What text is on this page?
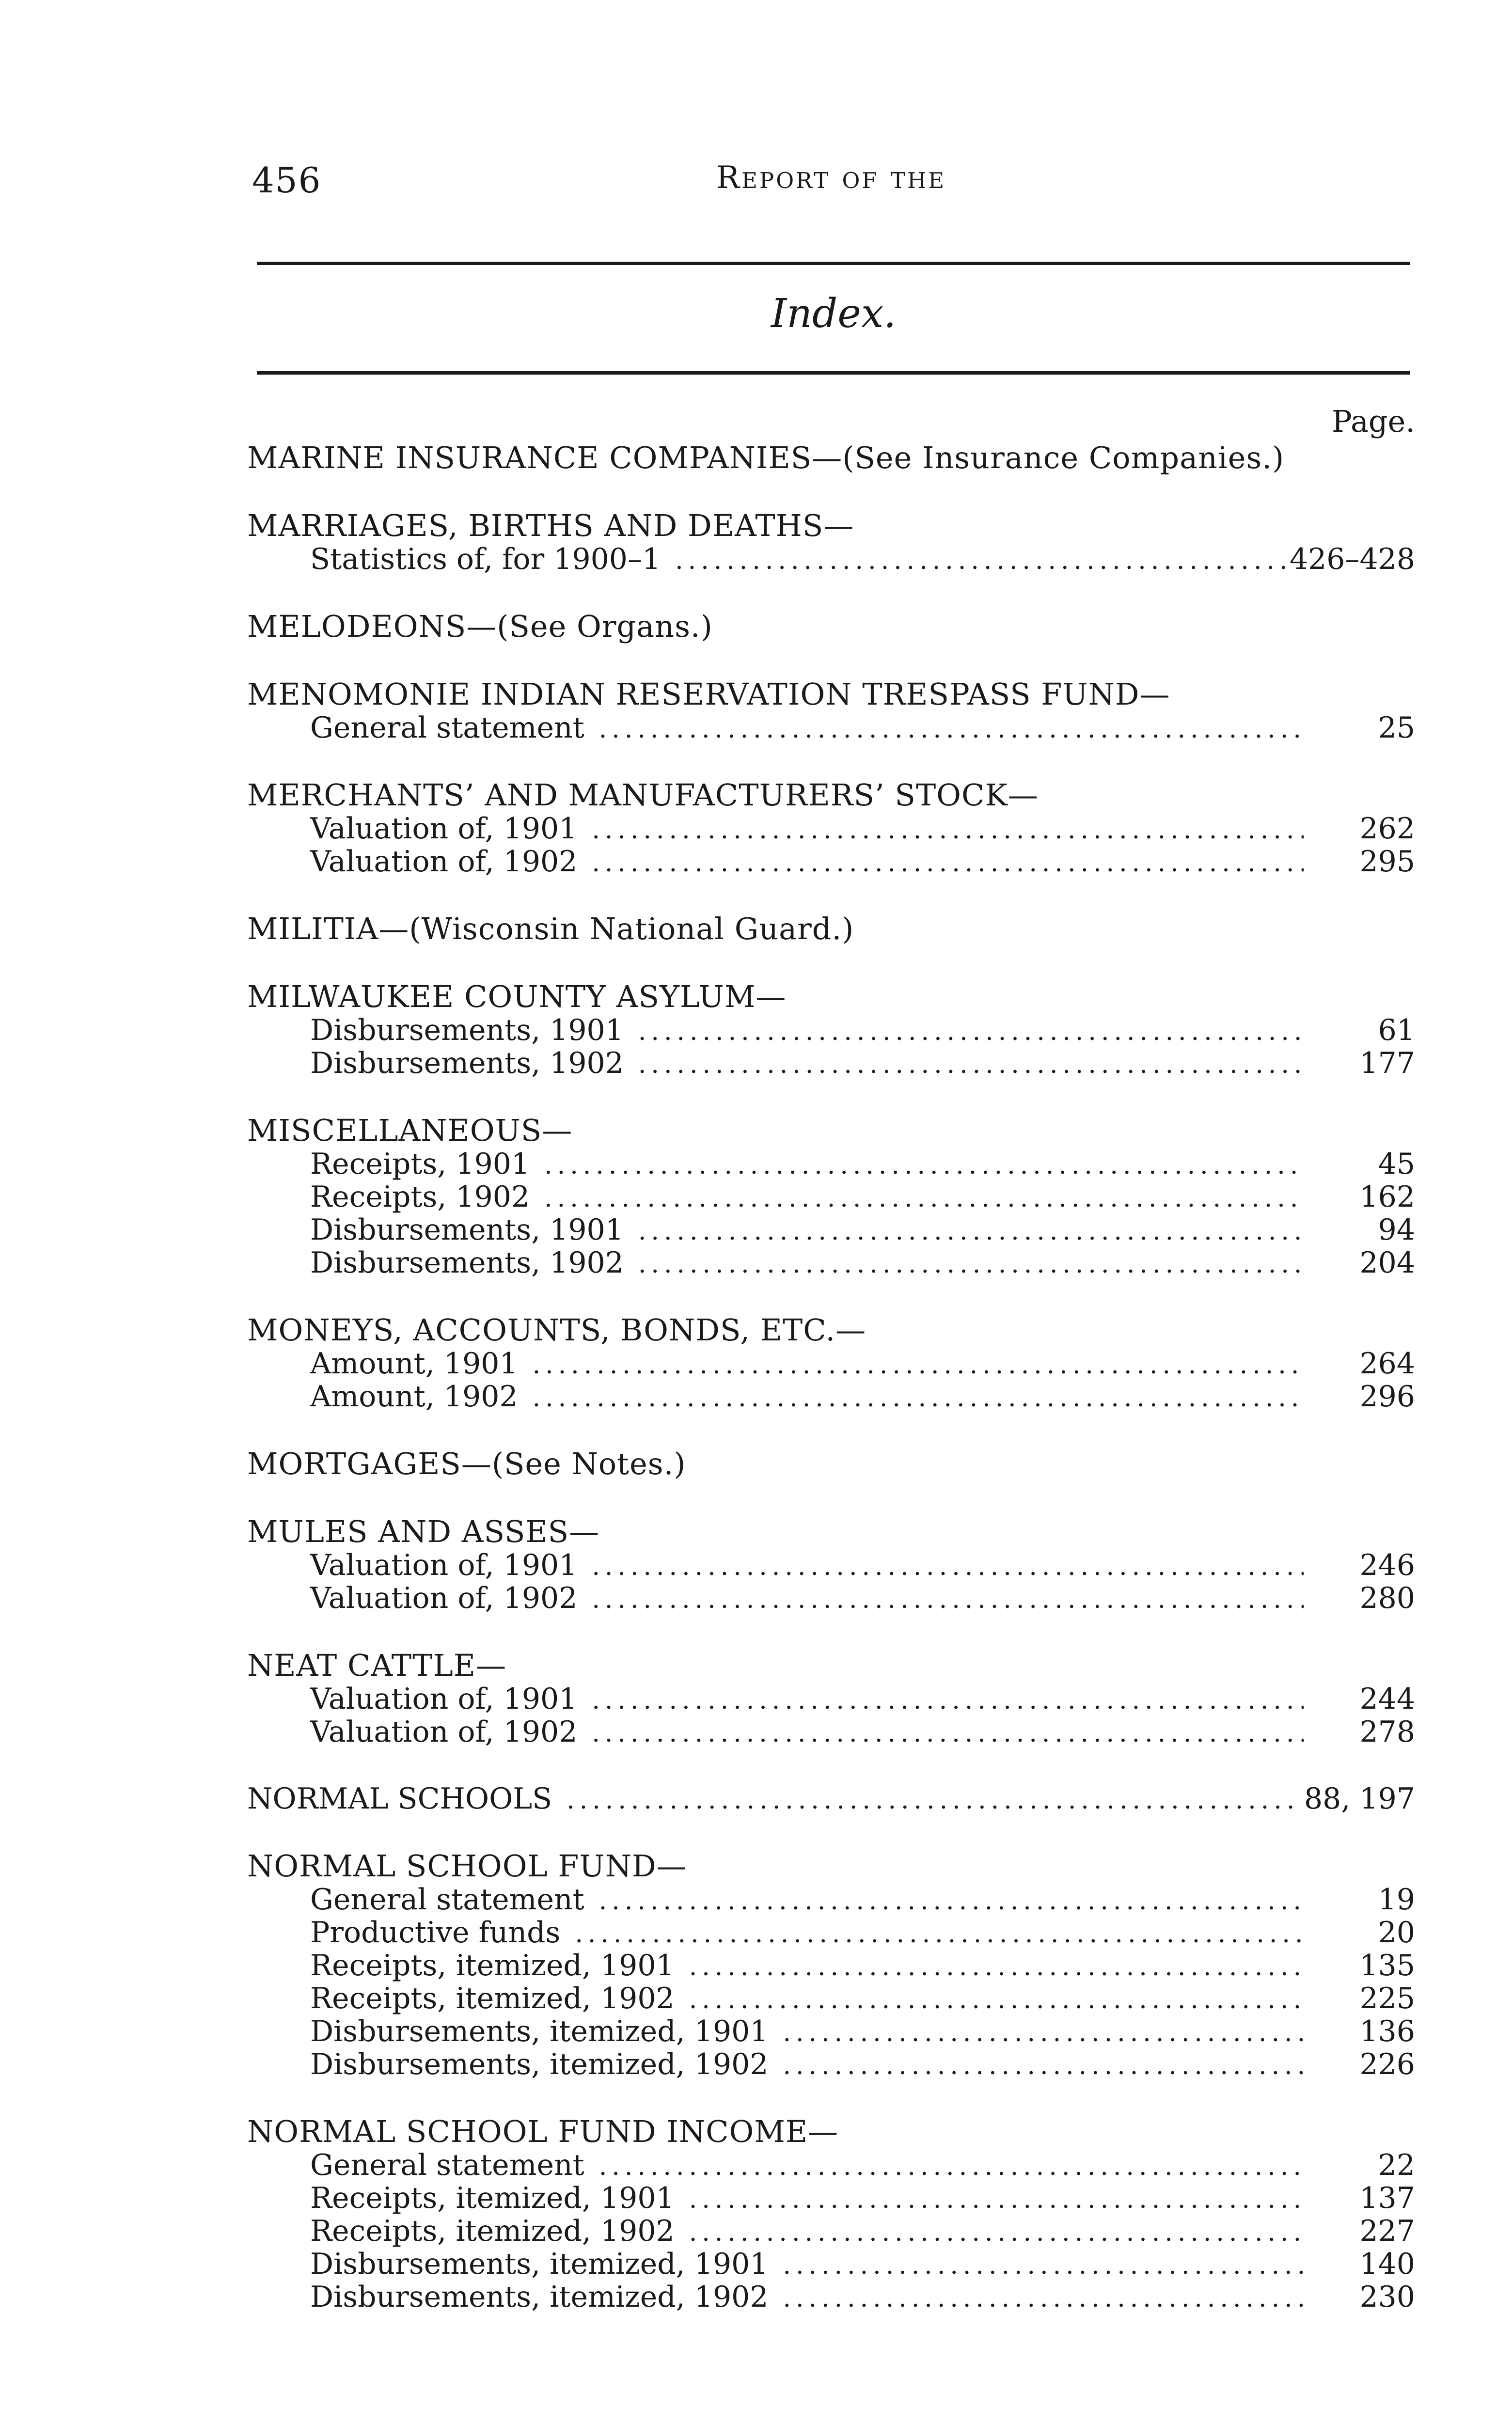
456	Report of the
Index.
Page.
MARINE INSURANCE COMPANIES—(See Insurance Companies.)
MARRIAGES, BIRTHS AND DEATHS—
Statistics of, for 1900–1 .....	426–428
MELODEONS—(See Organs.)
MENOMONIE INDIAN RESERVATION TRESPASS FUND—
General statement .....	25
MERCHANTS’ AND MANUFACTURERS’ STOCK—
Valuation of, 1901 .....	262
Valuation of, 1902 .....	295
MILITIA—(Wisconsin National Guard.)
MILWAUKEE COUNTY ASYLUM—
Disbursements, 1901 .....	61
Disbursements, 1902 .....	177
MISCELLANEOUS—
Receipts, 1901 .....	45
Receipts, 1902 .....	162
Disbursements, 1901 .....	94
Disbursements, 1902 .....	204
MONEYS, ACCOUNTS, BONDS, ETC.—
Amount, 1901 .....	264
Amount, 1902 .....	296
MORTGAGES—(See Notes.)
MULES AND ASSES—
Valuation of, 1901 .....	246
Valuation of, 1902 .....	280
NEAT CATTLE—
Valuation of, 1901 .....	244
Valuation of, 1902 .....	278
NORMAL SCHOOLS .....	88, 197
NORMAL SCHOOL FUND—
General statement .....	19
Productive funds .....	20
Receipts, itemized, 1901 .....	135
Receipts, itemized, 1902 .....	225
Disbursements, itemized, 1901 .....	136
Disbursements, itemized, 1902 .....	226
NORMAL SCHOOL FUND INCOME—
General statement .....	22
Receipts, itemized, 1901 .....	137
Receipts, itemized, 1902 .....	227
Disbursements, itemized, 1901 .....	140
Disbursements, itemized, 1902 .....	230
